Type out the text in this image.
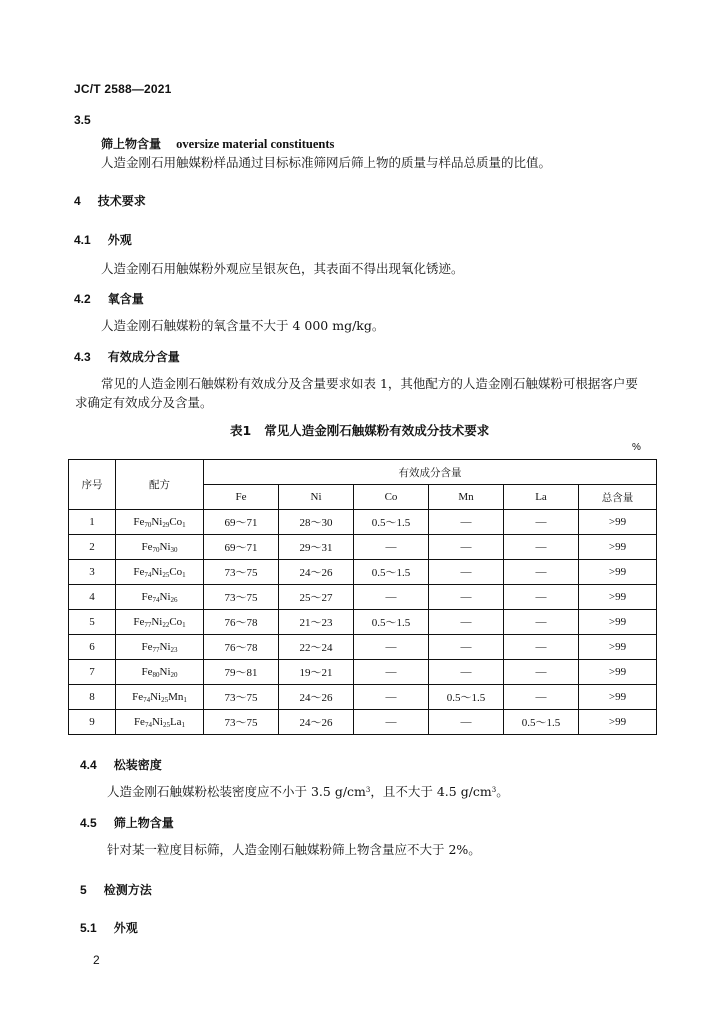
JC/T 2588—2021
3.5
筛上物含量 oversize material constituents
人造金刚石用触媒粉样品通过目标标准筛网后筛上物的质量与样品总质量的比值。
4 技术要求
4.1 外观
人造金刚石用触媒粉外观应呈银灰色，其表面不得出现氧化锈迹。
4.2 氧含量
人造金刚石触媒粉的氧含量不大于 4 000 mg/kg。
4.3 有效成分含量
常见的人造金刚石触媒粉有效成分及含量要求如表 1，其他配方的人造金刚石触媒粉可根据客户要
求确定有效成分及含量。
表1   常见人造金刚石触媒粉有效成分技术要求
%
序号	配方	有效成分含量					
		Fe	Ni	Co	Mn	La	总含量
1	$Fe_{70}Ni_{29}Co_1$	69～71	28～30	0.5～1.5	—	—	>99
2	$Fe_{70}Ni_{30}$	69～71	29～31	—	—	—	>99
3	$Fe_{74}Ni_{25}Co_1$	73～75	24～26	0.5～1.5	—	—	>99
4	$Fe_{74}Ni_{26}$	73～75	25～27	—	—	—	>99
5	$Fe_{77}Ni_{22}Co_1$	76～78	21～23	0.5～1.5	—	—	>99
6	$Fe_{77}Ni_{23}$	76～78	22～24	—	—	—	>99
7	$Fe_{80}Ni_{20}$	79～81	19～21	—	—	—	>99
8	$Fe_{74}Ni_{25}Mn_1$	73～75	24～26	—	0.5～1.5	—	>99
9	$Fe_{74}Ni_{25}La_1$	73～75	24～26	—	—	0.5～1.5	>99
4.4 松装密度
人造金刚石触媒粉松装密度应不小于 3.5 $g/cm^3$，且不大于 4.5 $g/cm^3$。
4.5 筛上物含量
针对某一粒度目标筛，人造金刚石触媒粉筛上物含量应不大于 2%。
5 检测方法
5.1 外观
2
